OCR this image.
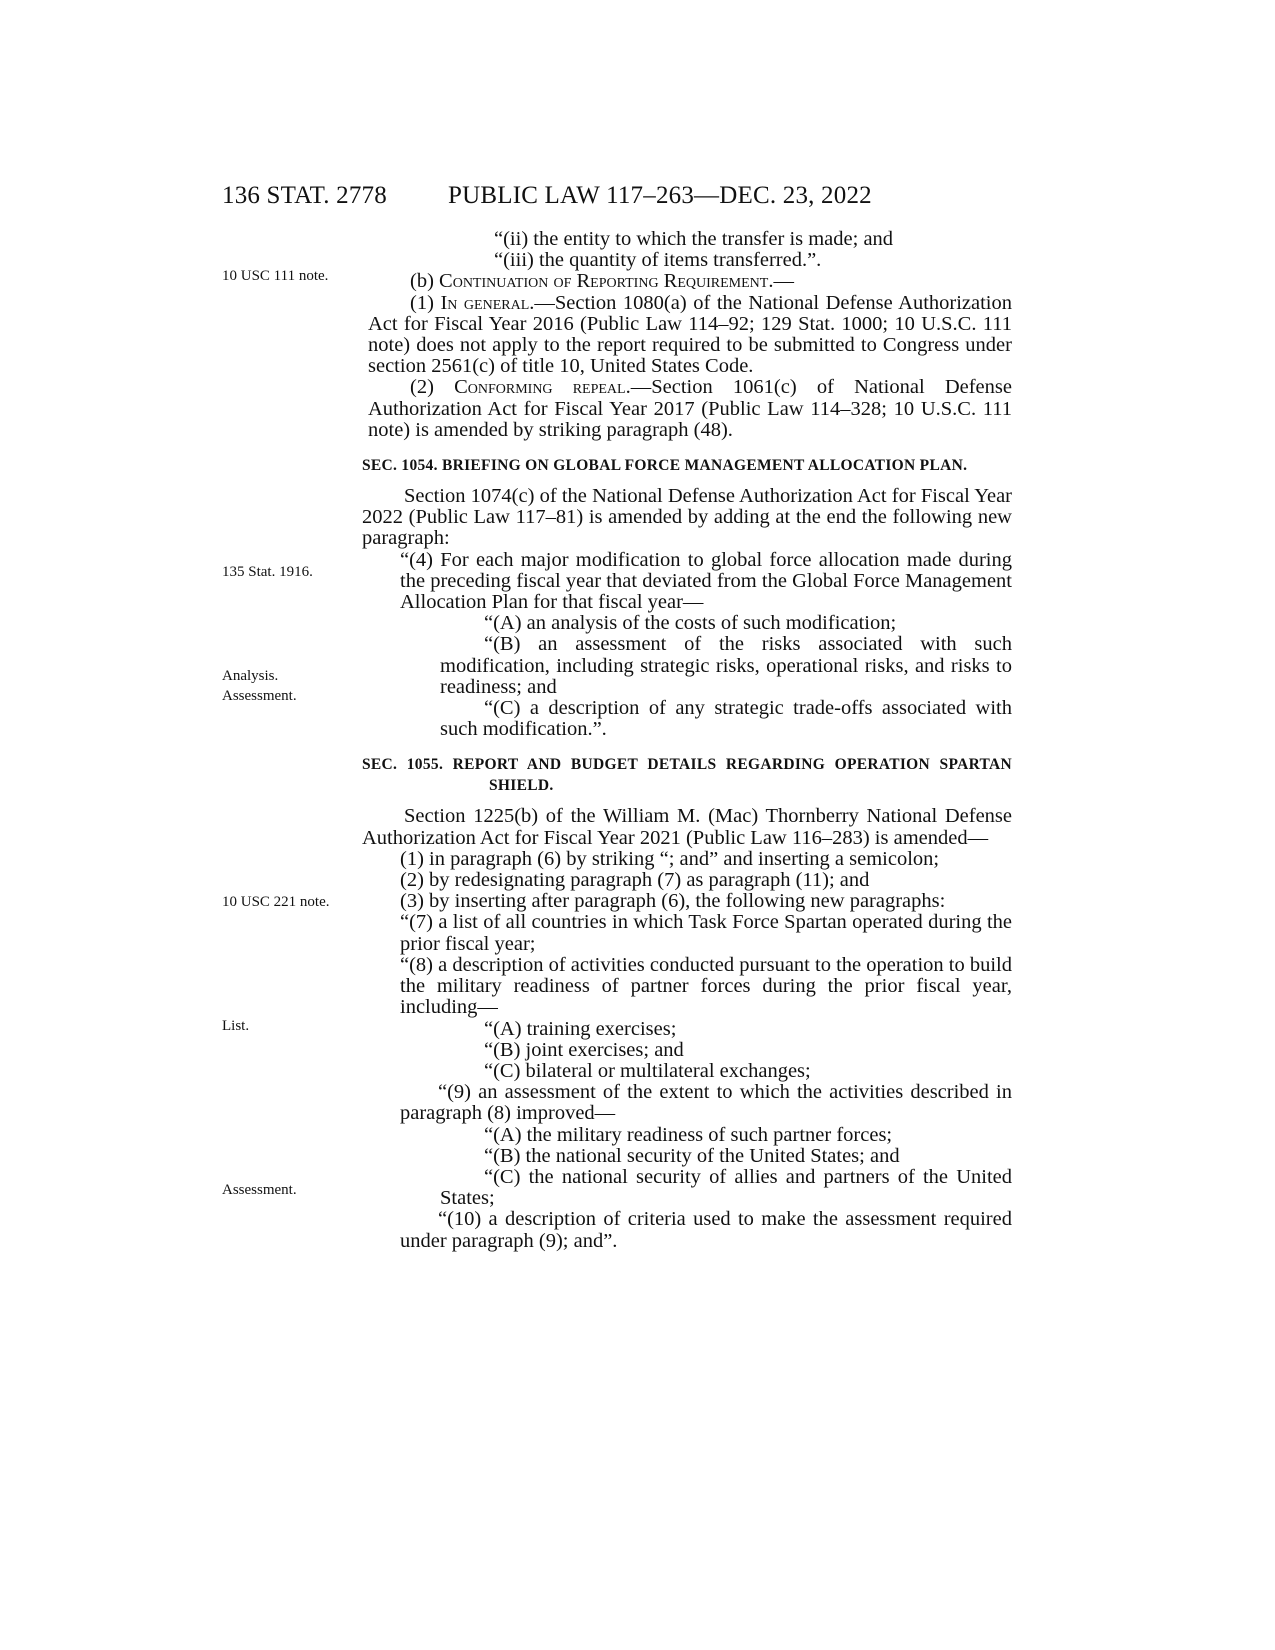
136 STAT. 2778 PUBLIC LAW 117–263—DEC. 23, 2022
10 USC 111 note.
135 Stat. 1916.
Analysis.
Assessment.
10 USC 221 note.
List.
Assessment.

“(ii) the entity to which the transfer is made; and

“(iii) the quantity of items transferred.”.

(b) Continuation of Reporting Requirement.—

(1) In general.—Section 1080(a) of the National Defense Authorization Act for Fiscal Year 2016 (Public Law 114–92; 129 Stat. 1000; 10 U.S.C. 111 note) does not apply to the report required to be submitted to Congress under section 2561(c) of title 10, United States Code.

(2) Conforming repeal.—Section 1061(c) of National Defense Authorization Act for Fiscal Year 2017 (Public Law 114–328; 10 U.S.C. 111 note) is amended by striking paragraph (48).

SEC. 1054. BRIEFING ON GLOBAL FORCE MANAGEMENT ALLOCATION PLAN.

Section 1074(c) of the National Defense Authorization Act for Fiscal Year 2022 (Public Law 117–81) is amended by adding at the end the following new paragraph:

“(4) For each major modification to global force allocation made during the preceding fiscal year that deviated from the Global Force Management Allocation Plan for that fiscal year—

“(A) an analysis of the costs of such modification;

“(B) an assessment of the risks associated with such modification, including strategic risks, operational risks, and risks to readiness; and

“(C) a description of any strategic trade-offs associated with such modification.”.

SEC. 1055. REPORT AND BUDGET DETAILS REGARDING OPERATION SPARTAN SHIELD.

Section 1225(b) of the William M. (Mac) Thornberry National Defense Authorization Act for Fiscal Year 2021 (Public Law 116–283) is amended—

(1) in paragraph (6) by striking “; and” and inserting a semicolon;

(2) by redesignating paragraph (7) as paragraph (11); and

(3) by inserting after paragraph (6), the following new paragraphs:

“(7) a list of all countries in which Task Force Spartan operated during the prior fiscal year;

“(8) a description of activities conducted pursuant to the operation to build the military readiness of partner forces during the prior fiscal year, including—

“(A) training exercises;

“(B) joint exercises; and

“(C) bilateral or multilateral exchanges;

“(9) an assessment of the extent to which the activities described in paragraph (8) improved—

“(A) the military readiness of such partner forces;

“(B) the national security of the United States; and

“(C) the national security of allies and partners of the United States;

“(10) a description of criteria used to make the assessment required under paragraph (9); and”.
